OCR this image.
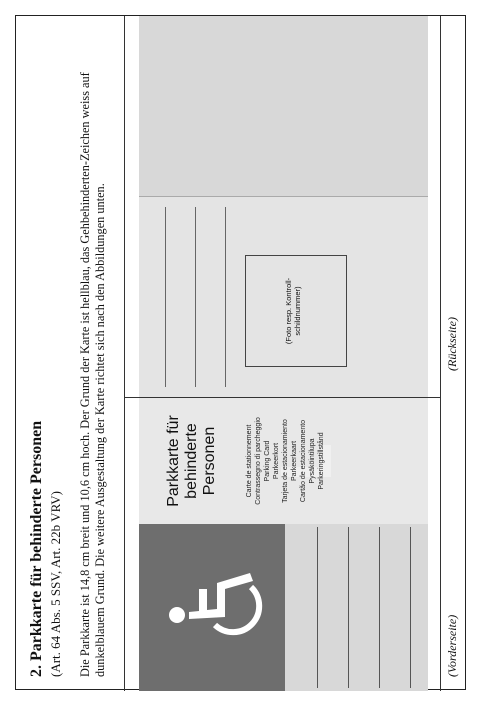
2. Parkkarte für behinderte Personen (Art. 64 Abs. 5 SSV, Art. 22b VRV) Die Parkkarte ist 14,8 cm breit und 10,6 cm hoch. Der Grund der Karte ist hellblau, das Gehbehinderten-Zeichen weiss auf dunkelblauem Grund. Die weitere Ausgestaltung der Karte richtet sich nach den Abbildungen unten.	Parkkarte für behinderte Personen	Carte de stationnement Contrassegno di parcheggio Parking Card Parkeerkort Tarjeta de estacionamiento Parkeerkaart Cartão de estacionamento Pysäköintilupa Parkeringstillstånd
(Foto resp. Kontroll-schildnummer)
(Vorderseite)
(Rückseite)
